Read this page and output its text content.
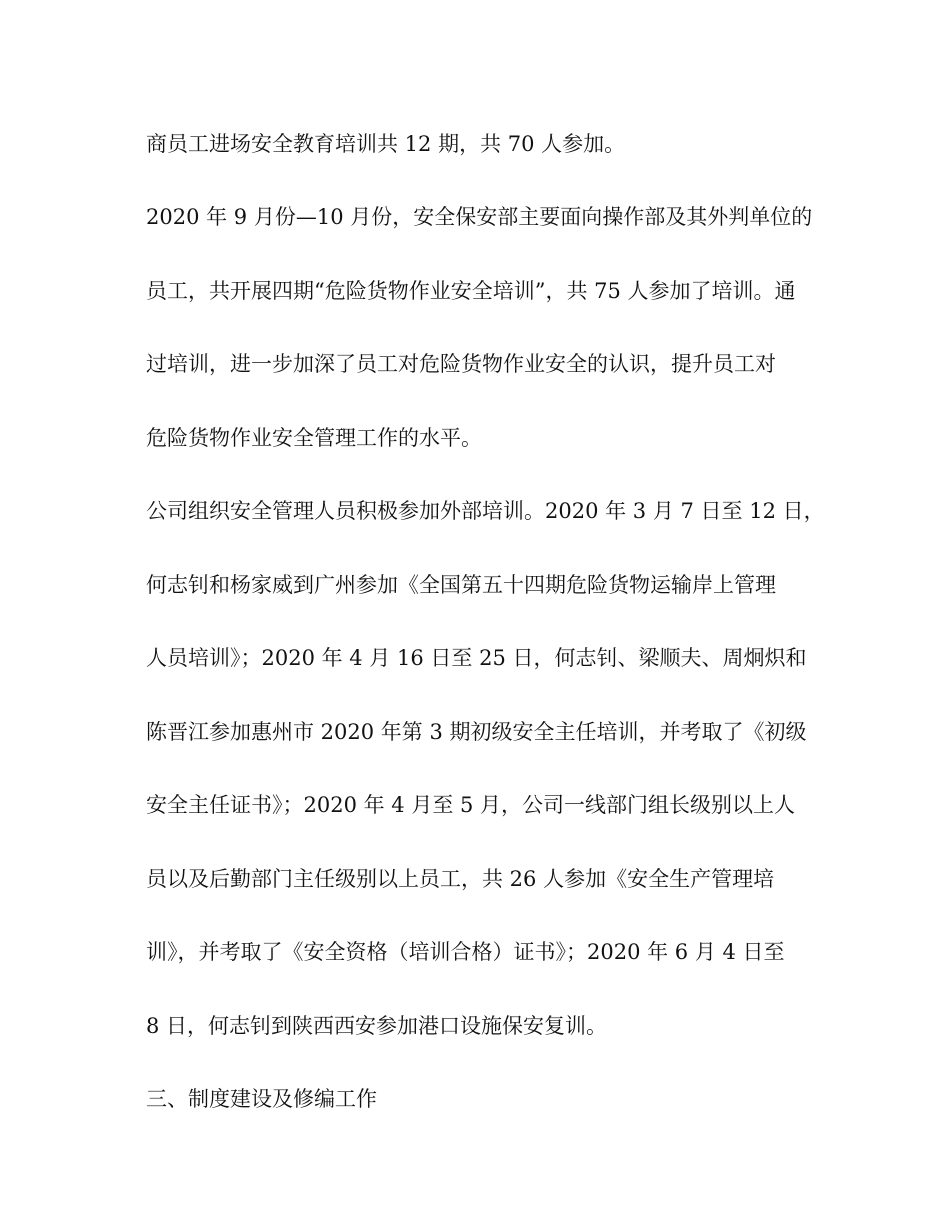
商员工进场安全教育培训共 12 期，共 70 人参加。
2020 年 9 月份—10 月份，安全保安部主要面向操作部及其外判单位的
员工，共开展四期“危险货物作业安全培训”，共 75 人参加了培训。通
过培训，进一步加深了员工对危险货物作业安全的认识，提升员工对
危险货物作业安全管理工作的水平。
公司组织安全管理人员积极参加外部培训。2020 年 3 月 7 日至 12 日，
何志钊和杨家威到广州参加《全国第五十四期危险货物运输岸上管理
人员培训》；2020 年 4 月 16 日至 25 日，何志钊、梁顺夫、周炯炽和
陈晋江参加惠州市 2020 年第 3 期初级安全主任培训，并考取了《初级
安全主任证书》；2020 年 4 月至 5 月，公司一线部门组长级别以上人
员以及后勤部门主任级别以上员工，共 26 人参加《安全生产管理培
训》，并考取了《安全资格（培训合格）证书》；2020 年 6 月 4 日至
8 日，何志钊到陕西西安参加港口设施保安复训。
三、制度建设及修编工作
